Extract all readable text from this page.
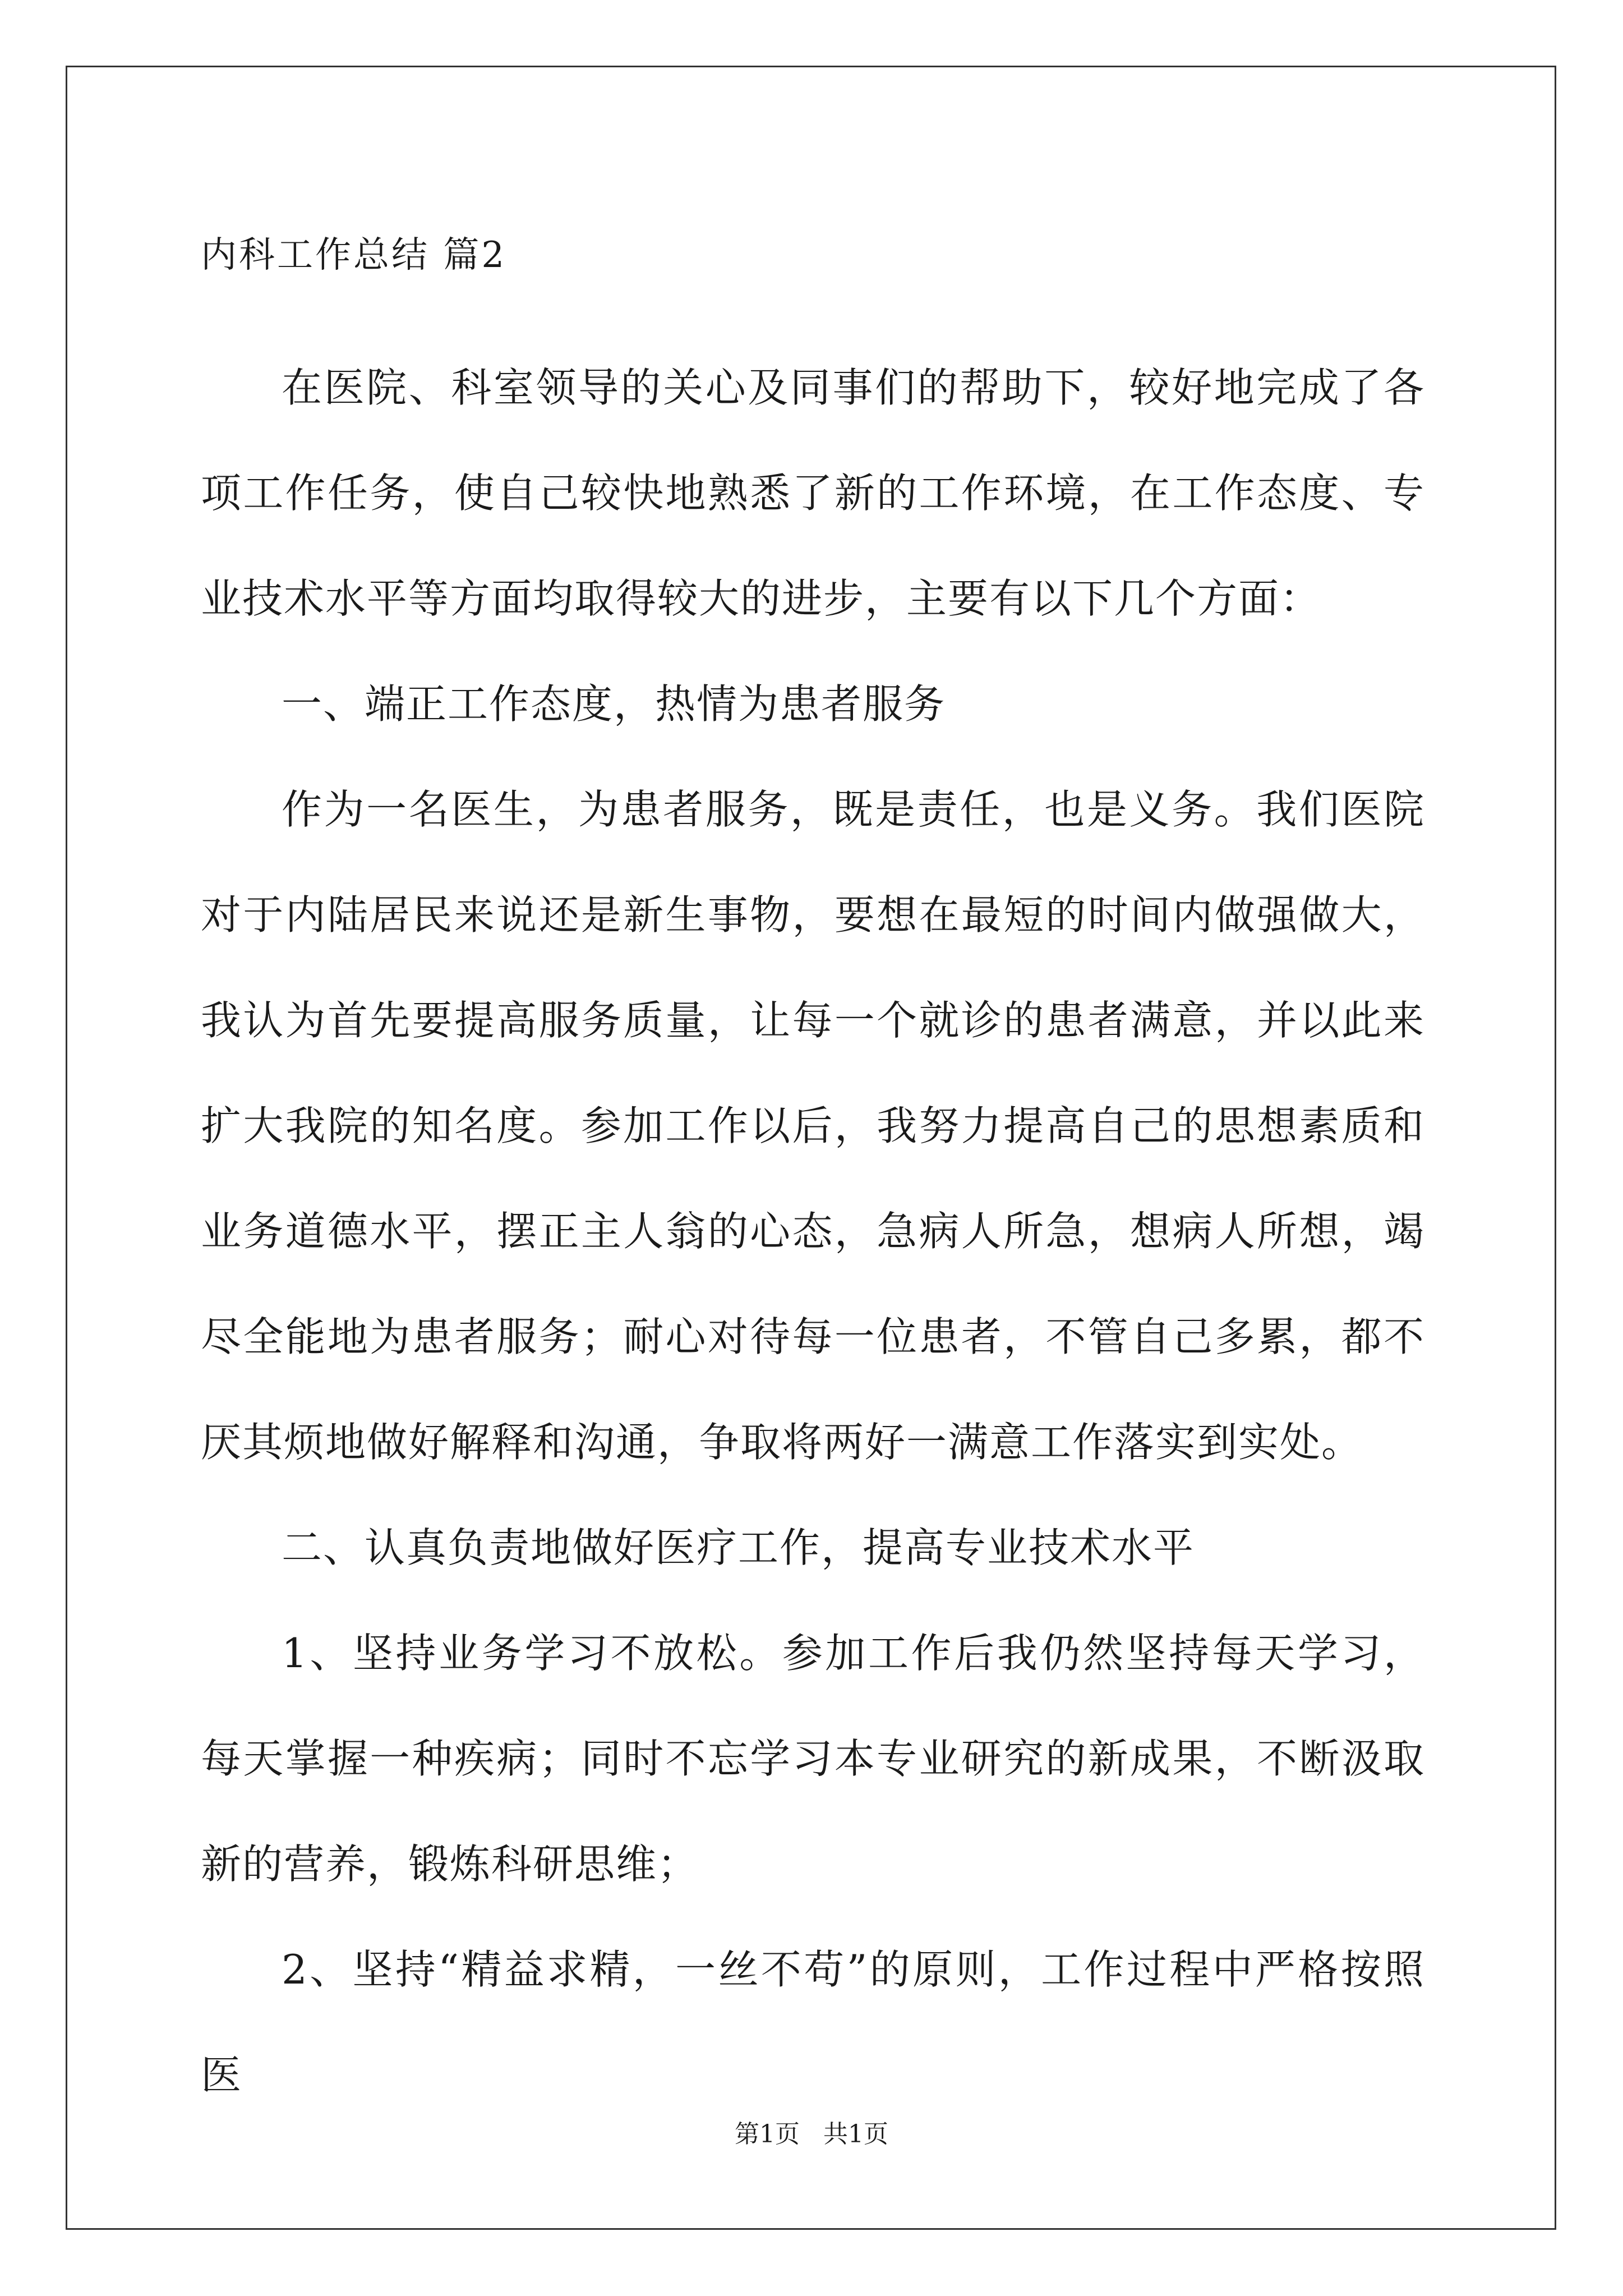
内科工作总结 篇2

在医院、科室领导的关心及同事们的帮助下，较好地完成了各项工作任务，使自己较快地熟悉了新的工作环境，在工作态度、专业技术水平等方面均取得较大的进步，主要有以下几个方面：

一、端正工作态度，热情为患者服务

作为一名医生，为患者服务，既是责任，也是义务。我们医院对于内陆居民来说还是新生事物，要想在最短的时间内做强做大，我认为首先要提高服务质量，让每一个就诊的患者满意，并以此来扩大我院的知名度。参加工作以后，我努力提高自己的思想素质和业务道德水平，摆正主人翁的心态，急病人所急，想病人所想，竭尽全能地为患者服务；耐心对待每一位患者，不管自己多累，都不厌其烦地做好解释和沟通，争取将两好一满意工作落实到实处。

二、认真负责地做好医疗工作，提高专业技术水平

1、坚持业务学习不放松。参加工作后我仍然坚持每天学习，每天掌握一种疾病；同时不忘学习本专业研究的新成果，不断汲取新的营养，锻炼科研思维；

2、坚持“精益求精，一丝不苟”的原则，工作过程中严格按照医

第1页   共1页
